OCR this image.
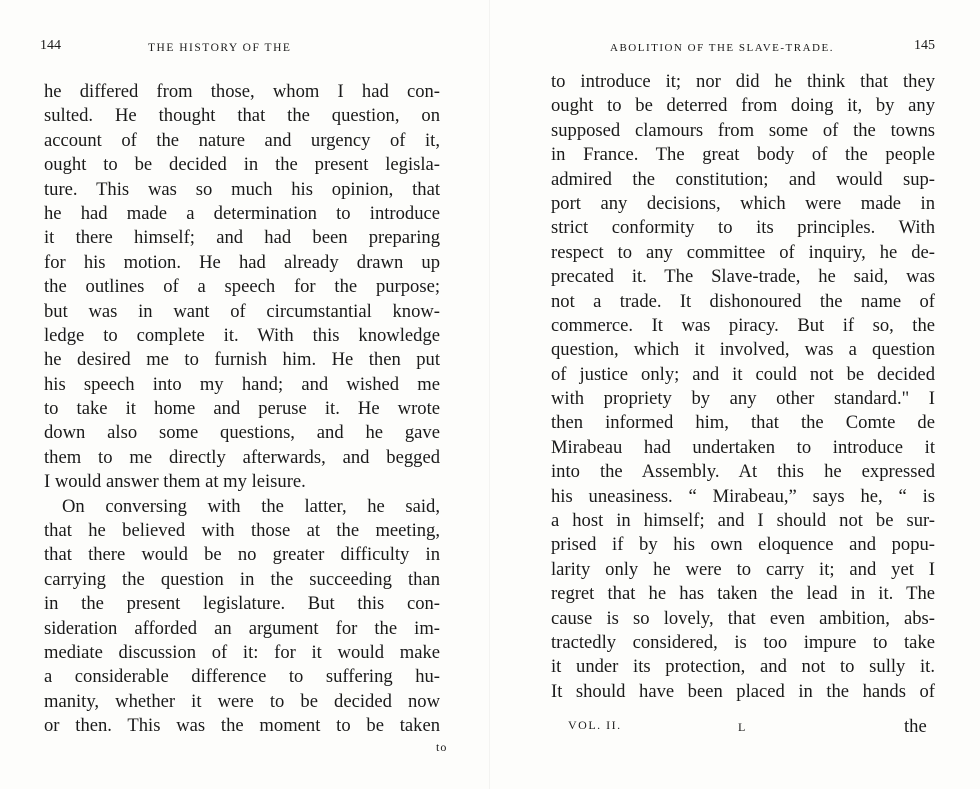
144	THE HISTORY OF THE
he differed from those, whom I had con-
sulted. He thought that the question, on
account of the nature and urgency of it,
ought to be decided in the present legisla-
ture. This was so much his opinion, that
he had made a determination to introduce
it there himself; and had been preparing
for his motion. He had already drawn up
the outlines of a speech for the purpose;
but was in want of circumstantial know-
ledge to complete it. With this knowledge
he desired me to furnish him. He then put
his speech into my hand; and wished me
to take it home and peruse it. He wrote
down also some questions, and he gave
them to me directly afterwards, and begged
I would answer them at my leisure.
On conversing with the latter, he said,
that he believed with those at the meeting,
that there would be no greater difficulty in
carrying the question in the succeeding than
in the present legislature. But this con-
sideration afforded an argument for the im-
mediate discussion of it: for it would make
a considerable difference to suffering hu-
manity, whether it were to be decided now
or then. This was the moment to be taken
to
ABOLITION OF THE SLAVE-TRADE.	145
to introduce it; nor did he think that they
ought to be deterred from doing it, by any
supposed clamours from some of the towns
in France. The great body of the people
admired the constitution; and would sup-
port any decisions, which were made in
strict conformity to its principles. With
respect to any committee of inquiry, he de-
precated it. The Slave-trade, he said, was
not a trade. It dishonoured the name of
commerce. It was piracy. But if so, the
question, which it involved, was a question
of justice only; and it could not be decided
with propriety by any other standard." I
then informed him, that the Comte de
Mirabeau had undertaken to introduce it
into the Assembly. At this he expressed
his uneasiness. “ Mirabeau,” says he, “ is
a host in himself; and I should not be sur-
prised if by his own eloquence and popu-
larity only he were to carry it; and yet I
regret that he has taken the lead in it. The
cause is so lovely, that even ambition, abs-
tractedly considered, is too impure to take
it under its protection, and not to sully it.
It should have been placed in the hands of
VOL. II.	L	the
